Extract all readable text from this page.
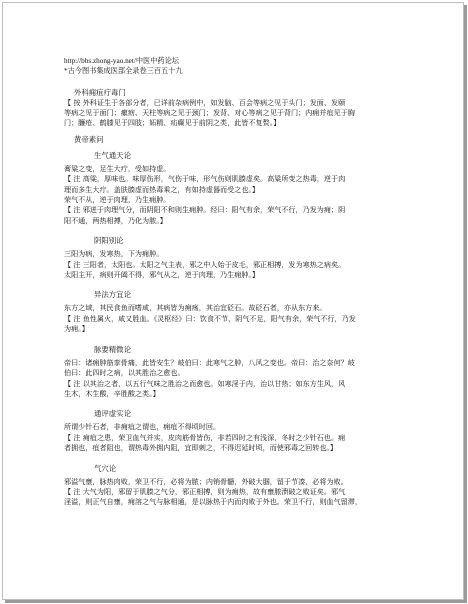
http://bbs.zhong-yao.net/中医中药论坛
*古今图书集成医部全录卷三百五十九
外科痈疽疔毒门
【 按 外科证生于各部分者，已详前杂病例中，如发脑、百会等病之见于头门；发面、发颐
等病之见于面门；瘰疬、天柱等病之见于颈门；发背、对心等病之见于背门；内痈并疽见于胸
门；臁疮、鹤膝见于四肢；妬精、疝癫见于前阴之类，此皆不复赘。】
黄帝素问
生气通天论
膏粱之变，足生大疔，受如持虚。
【 注 高粱，厚味也。味厚伤形，气伤于味，形气伤则肌腠虚矣。高粱所变之热毒，逆于肉
理而多生大疔。盖肤腠虚而热毒乘之，有如持虚器而受之也。】
荣气不从，逆于肉理，乃生痈肿。
【 注 邪迸于肉理气分，而阴阳不和则生痈肿。经曰：阳气有余，荣气不行，乃发为痈；阴
阳不通，两热相搏，乃化为脓。】
阴阳别论
三阳为病，发寒热，下为痈肿。
【 注 三阳者，太阳也。太阳之气主表，邪之中人始于皮毛，邪正相搏，发为寒热之病矣。
太阳主开，病则开阖不得，邪气从之，逆于肉理，乃生痈肿。】
异法方宜论
东方之域，其民食鱼而嗜咸，其病皆为痈疡，其治宜砭石。故砭石者，亦从东方来。
【 注 鱼性属火，咸又胜血。《灵枢经》曰：饮食不节，阴气不足，阳气有余，荣气不行，乃发
为痈。】
脉要精微论
帝曰：诸痈肿筋挛骨痛，此皆安生？岐伯曰：此寒气之肿，八风之变也。帝曰：治之奈何？岐
伯曰：此四时之病，以其胜治之愈也。
【 注 以其治之者，以五行气味之胜治之而愈也。如寒淫于内，治以甘热；如东方生风，风
生木，木生酸，辛胜酸之类。】
通评虚实论
所谓少针石者，非痈疽之谓也，痈疽不得顷时回。
【 注 痈疽之患，荣卫血气并实，皮肉筋骨皆伤，非若四时之有浅深，冬时之少针石也。痈
者拥也，疽者阻也，谓热毒外拥内阻，宜即刺之，不得迟延时顷，而使邪毒之回转也。】
气穴论
邪溢气壅，脉热肉败，荣卫不行，必将为脓；内销骨髓，外破大腘，留于节凑，必将为败。
【 注 大气为阳，邪留于肌腠之气分，邪正相搏，则为痈热，故有壅脓溃破之败证矣。邪气
淫溢，则正气自壅，痈溶之气与脉相通，是以脉热于内而肉败于外也。荣卫不行，则血气留滞，
